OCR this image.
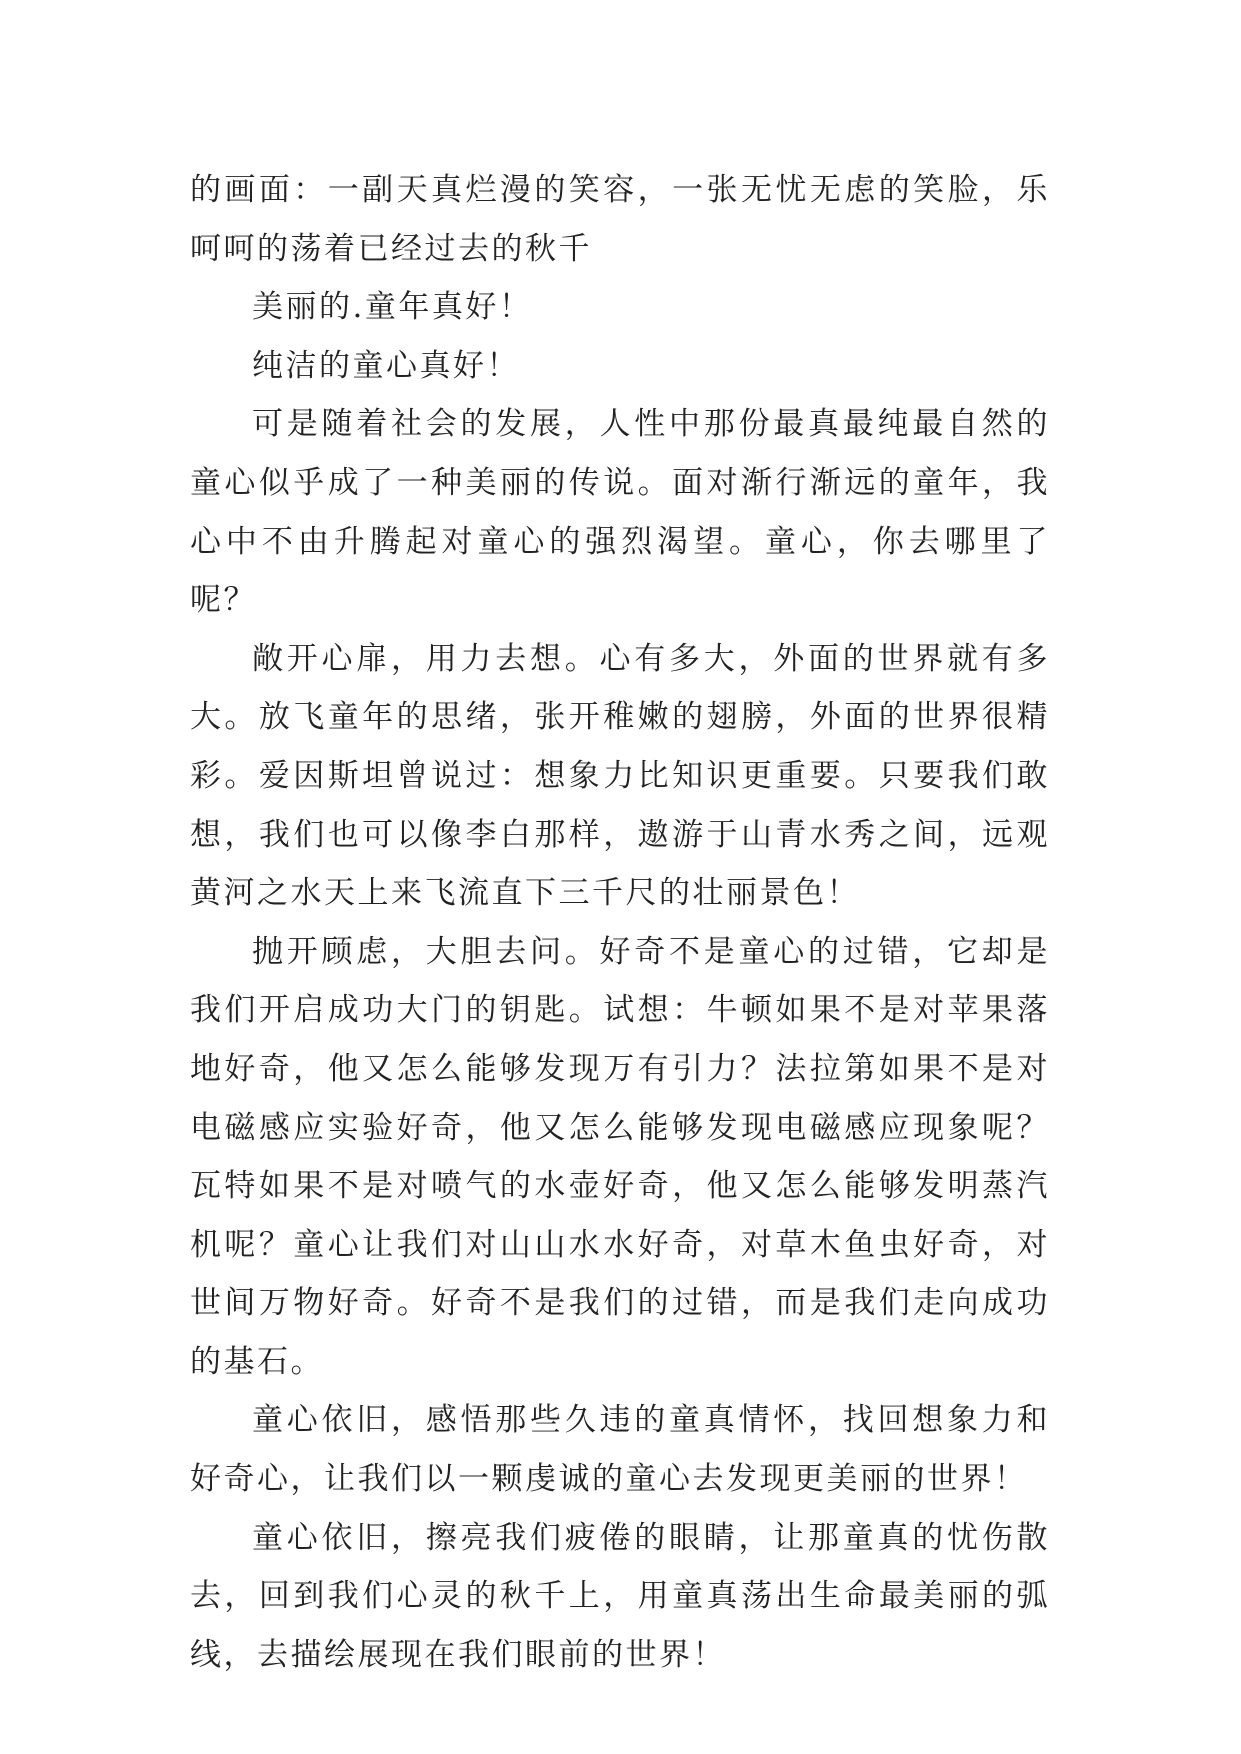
的画面：一副天真烂漫的笑容，一张无忧无虑的笑脸，乐呵呵的荡着已经过去的秋千

美丽的.童年真好！

纯洁的童心真好！

可是随着社会的发展，人性中那份最真最纯最自然的童心似乎成了一种美丽的传说。面对渐行渐远的童年，我心中不由升腾起对童心的强烈渴望。童心，你去哪里了呢？

敞开心扉，用力去想。心有多大，外面的世界就有多大。放飞童年的思绪，张开稚嫩的翅膀，外面的世界很精彩。爱因斯坦曾说过：想象力比知识更重要。只要我们敢想，我们也可以像李白那样，遨游于山青水秀之间，远观黄河之水天上来飞流直下三千尺的壮丽景色！

抛开顾虑，大胆去问。好奇不是童心的过错，它却是我们开启成功大门的钥匙。试想：牛顿如果不是对苹果落地好奇，他又怎么能够发现万有引力？法拉第如果不是对电磁感应实验好奇，他又怎么能够发现电磁感应现象呢？瓦特如果不是对喷气的水壶好奇，他又怎么能够发明蒸汽机呢？童心让我们对山山水水好奇，对草木鱼虫好奇，对世间万物好奇。好奇不是我们的过错，而是我们走向成功的基石。

童心依旧，感悟那些久违的童真情怀，找回想象力和好奇心，让我们以一颗虔诚的童心去发现更美丽的世界！

童心依旧，擦亮我们疲倦的眼睛，让那童真的忧伤散去，回到我们心灵的秋千上，用童真荡出生命最美丽的弧线，去描绘展现在我们眼前的世界！
